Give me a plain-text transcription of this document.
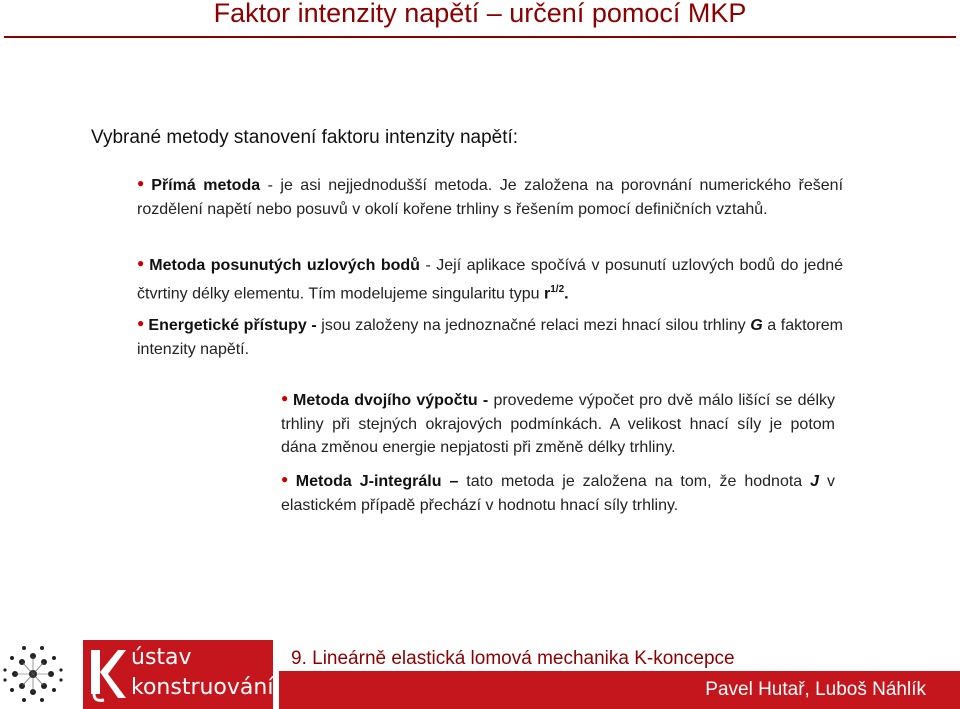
Faktor intenzity napětí – určení pomocí MKP
Vybrané metody stanovení faktoru intenzity napětí:
● Přímá metoda - je asi nejjednodušší metoda. Je založena na porovnání numerického řešení rozdělení napětí nebo posuvů v okolí kořene trhliny s řešením pomocí definičních vztahů.
● Metoda posunutých uzlových bodů - Její aplikace spočívá v posunutí uzlových bodů do jedné čtvrtiny délky elementu. Tím modelujeme singularitu typu $r^{1/2}$.
● Energetické přístupy - jsou založeny na jednoznačné relaci mezi hnací silou trhliny G a faktorem intenzity napětí.
● Metoda dvojího výpočtu - provedeme výpočet pro dvě málo lišící se délky trhliny při stejných okrajových podmínkách. A velikost hnací síly je potom dána změnou energie nepjatosti při změně délky trhliny.
● Metoda J-integrálu – tato metoda je založena na tom, že hodnota J v elastickém případě přechází v hodnotu hnací síly trhliny.
ústav
konstruování
9. Lineárně elastická lomová mechanika K-koncepce
Pavel Hutař, Luboš Náhlík
